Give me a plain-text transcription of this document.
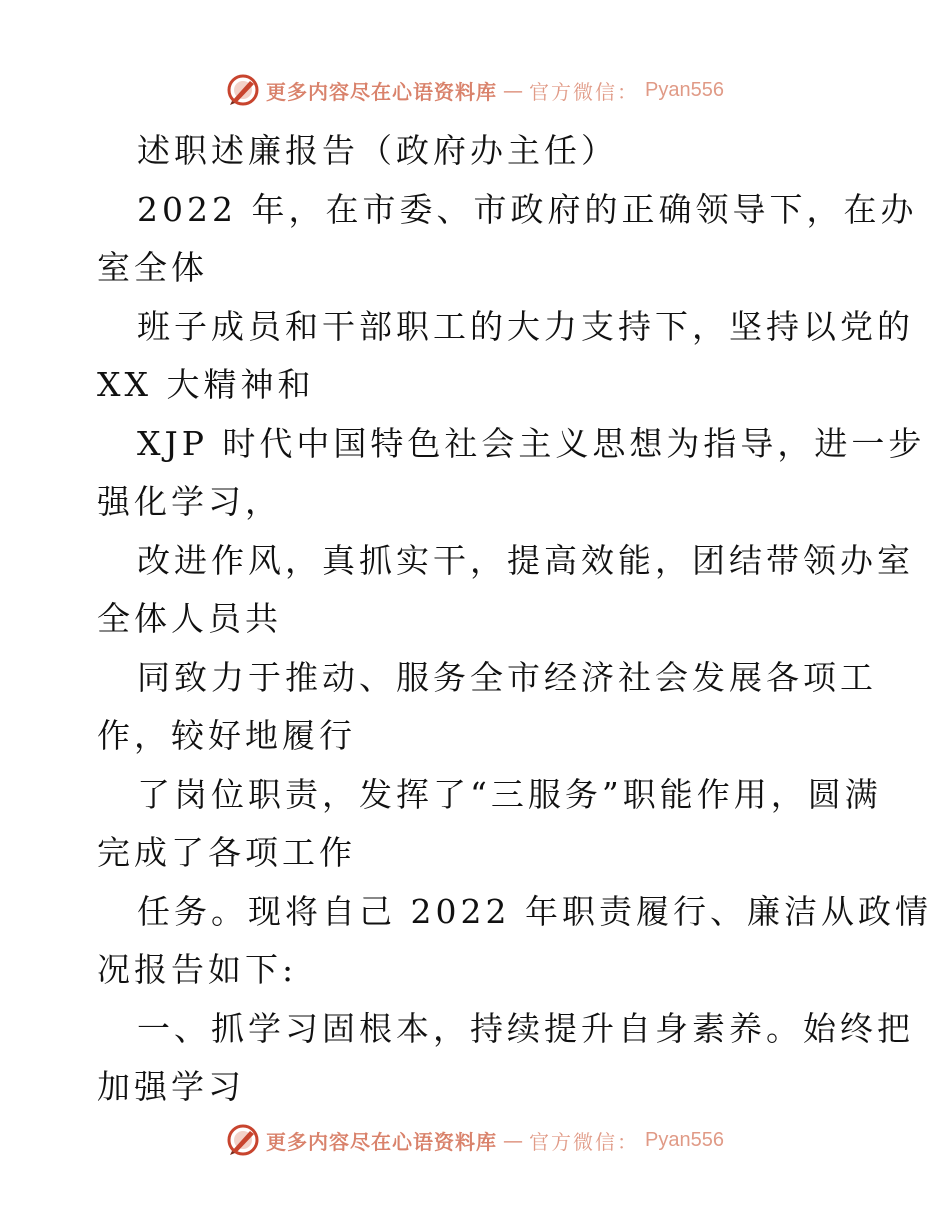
更多内容尽在心语资料库 — 官方微信： Pyan556
述职述廉报告（政府办主任）
2022 年，在市委、市政府的正确领导下，在办
室全体
班子成员和干部职工的大力支持下，坚持以党的
XX 大精神和
XJP 时代中国特色社会主义思想为指导，进一步
强化学习，
改进作风，真抓实干，提高效能，团结带领办室
全体人员共
同致力于推动、服务全市经济社会发展各项工
作，较好地履行
了岗位职责，发挥了“三服务”职能作用，圆满
完成了各项工作
任务。现将自己 2022 年职责履行、廉洁从政情
况报告如下:
一、抓学习固根本，持续提升自身素养。始终把
加强学习
更多内容尽在心语资料库 — 官方微信： Pyan556
